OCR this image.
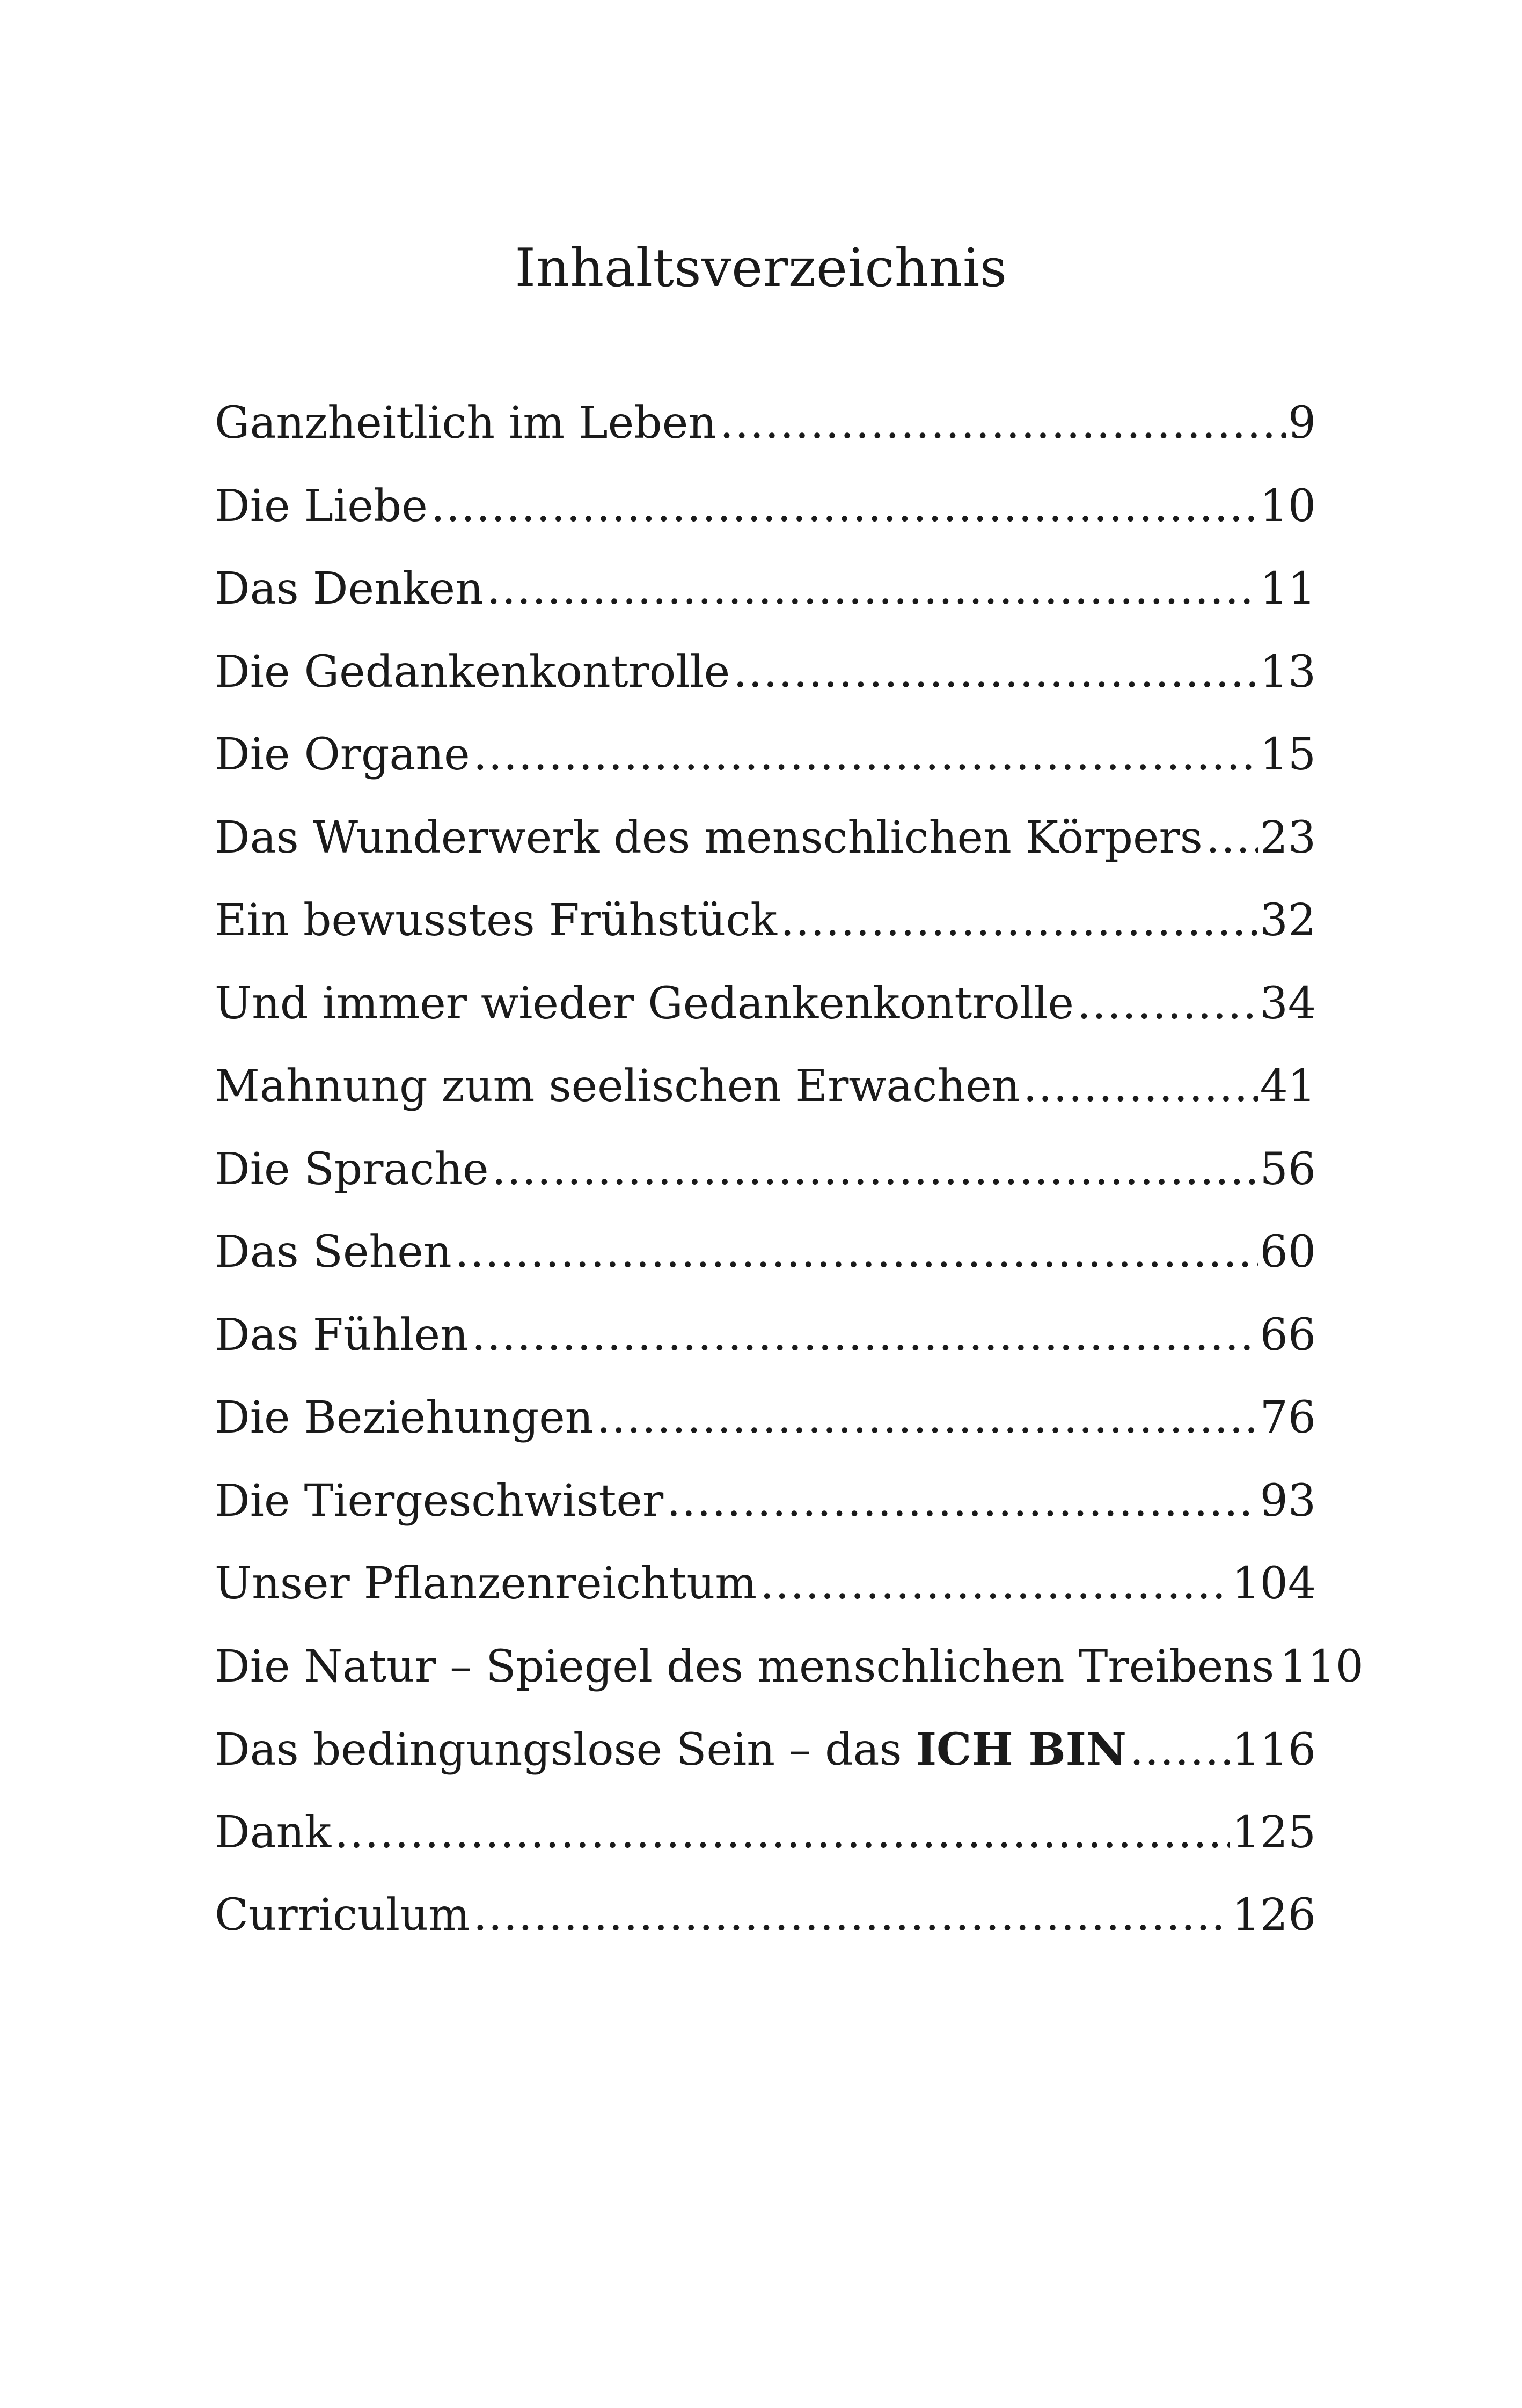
Inhaltsverzeichnis
Ganzheitlich im Leben .....	9
Die Liebe .....	10
Das Denken .....	11
Die Gedankenkontrolle .....	13
Die Organe .....	15
Das Wunderwerk des menschlichen Körpers ..... 23
Ein bewusstes Frühstück .....	32
Und immer wieder Gedankenkontrolle .....	34
Mahnung zum seelischen Erwachen .....	41
Die Sprache .....	56
Das Sehen .....	60
Das Fühlen .....	66
Die Beziehungen .....	76
Die Tiergeschwister .....	93
Unser Pflanzenreichtum .....	104
Die Natur – Spiegel des menschlichen Treibens 110
Das bedingungslose Sein – das ICH BIN ..... 116
Dank .....	125
Curriculum .....	126
